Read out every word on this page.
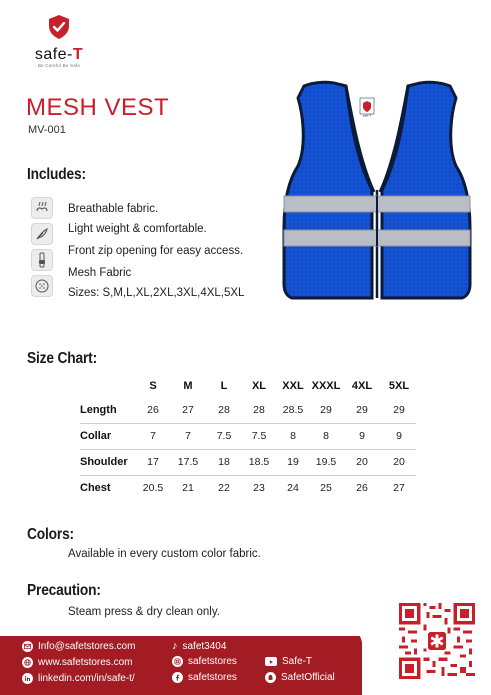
safe-T
Be Careful Be Safe
MESH VEST
MV-001
safe-T
Includes:
Breathable fabric.
Light weight & comfortable.
Front zip opening for easy access.
Mesh Fabric
Sizes: S,M,L,XL,2XL,3XL,4XL,5XL
Size Chart:
	S	M	L	XL	XXL	XXXL	4XL	5XL
Length	26	27	28	28	28.5	29	29	29
Collar	7	7	7.5	7.5	8	8	9	9
Shoulder	17	17.5	18	18.5	19	19.5	20	20
Chest	20.5	21	22	23	24	25	26	27
Colors:
Available in every custom color fabric.
Precaution:
Steam press & dry clean only.
Info@safetstores.com
www.safetstores.com
linkedin.com/in/safe-t/
♪ safet3404
safetstores
safetstores
Safe-T
SafetOfficial
